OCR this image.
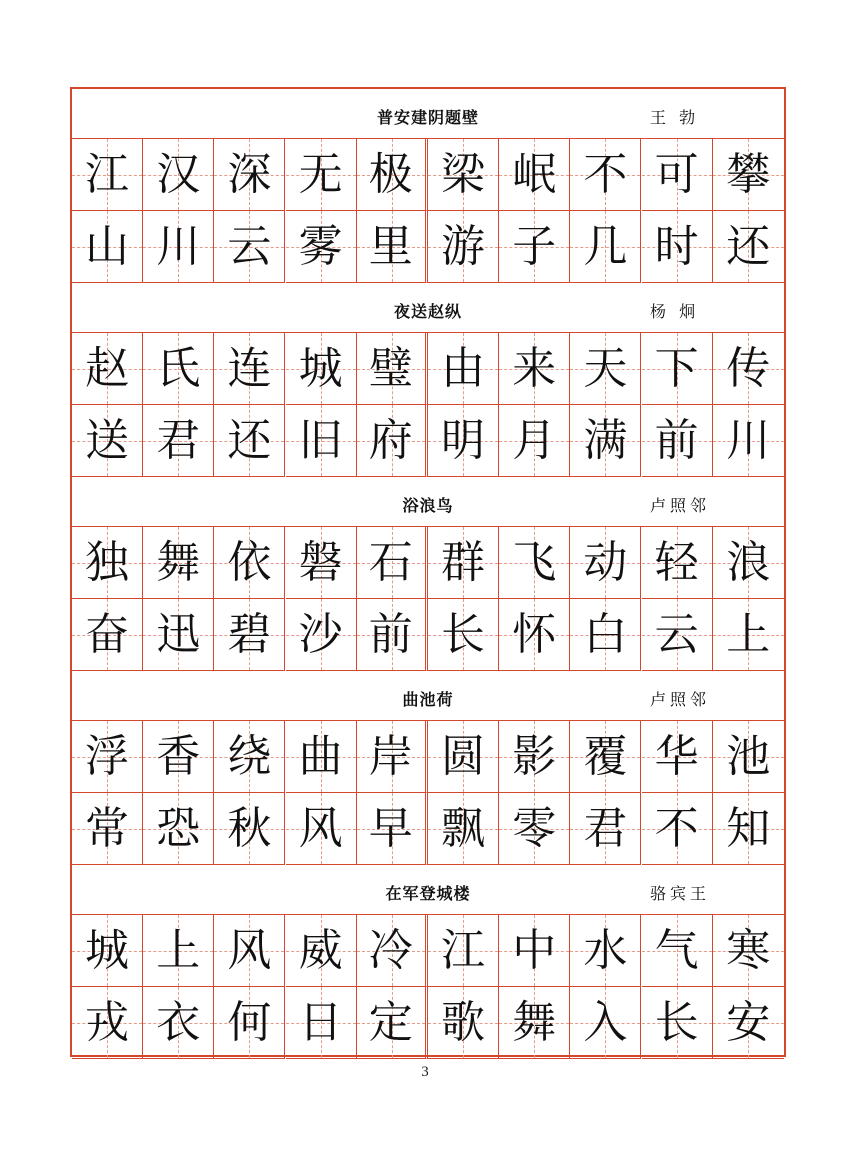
普安建阴题壁	王 勃
江 汉 深 无 极 梁 岷 不 可 攀
山 川 云 雾 里 游 子 几 时 还
夜送赵纵	杨 炯
赵 氏 连 城 璧 由 来 天 下 传
送 君 还 旧 府 明 月 满 前 川
浴浪鸟	卢照邻
独 舞 依 磐 石 群 飞 动 轻 浪
奋 迅 碧 沙 前 长 怀 白 云 上
曲池荷	卢照邻
浮 香 绕 曲 岸 圆 影 覆 华 池
常 恐 秋 风 早 飘 零 君 不 知
在军登城楼	骆宾王
城 上 风 威 冷 江 中 水 气 寒
戎 衣 何 日 定 歌 舞 入 长 安
3
